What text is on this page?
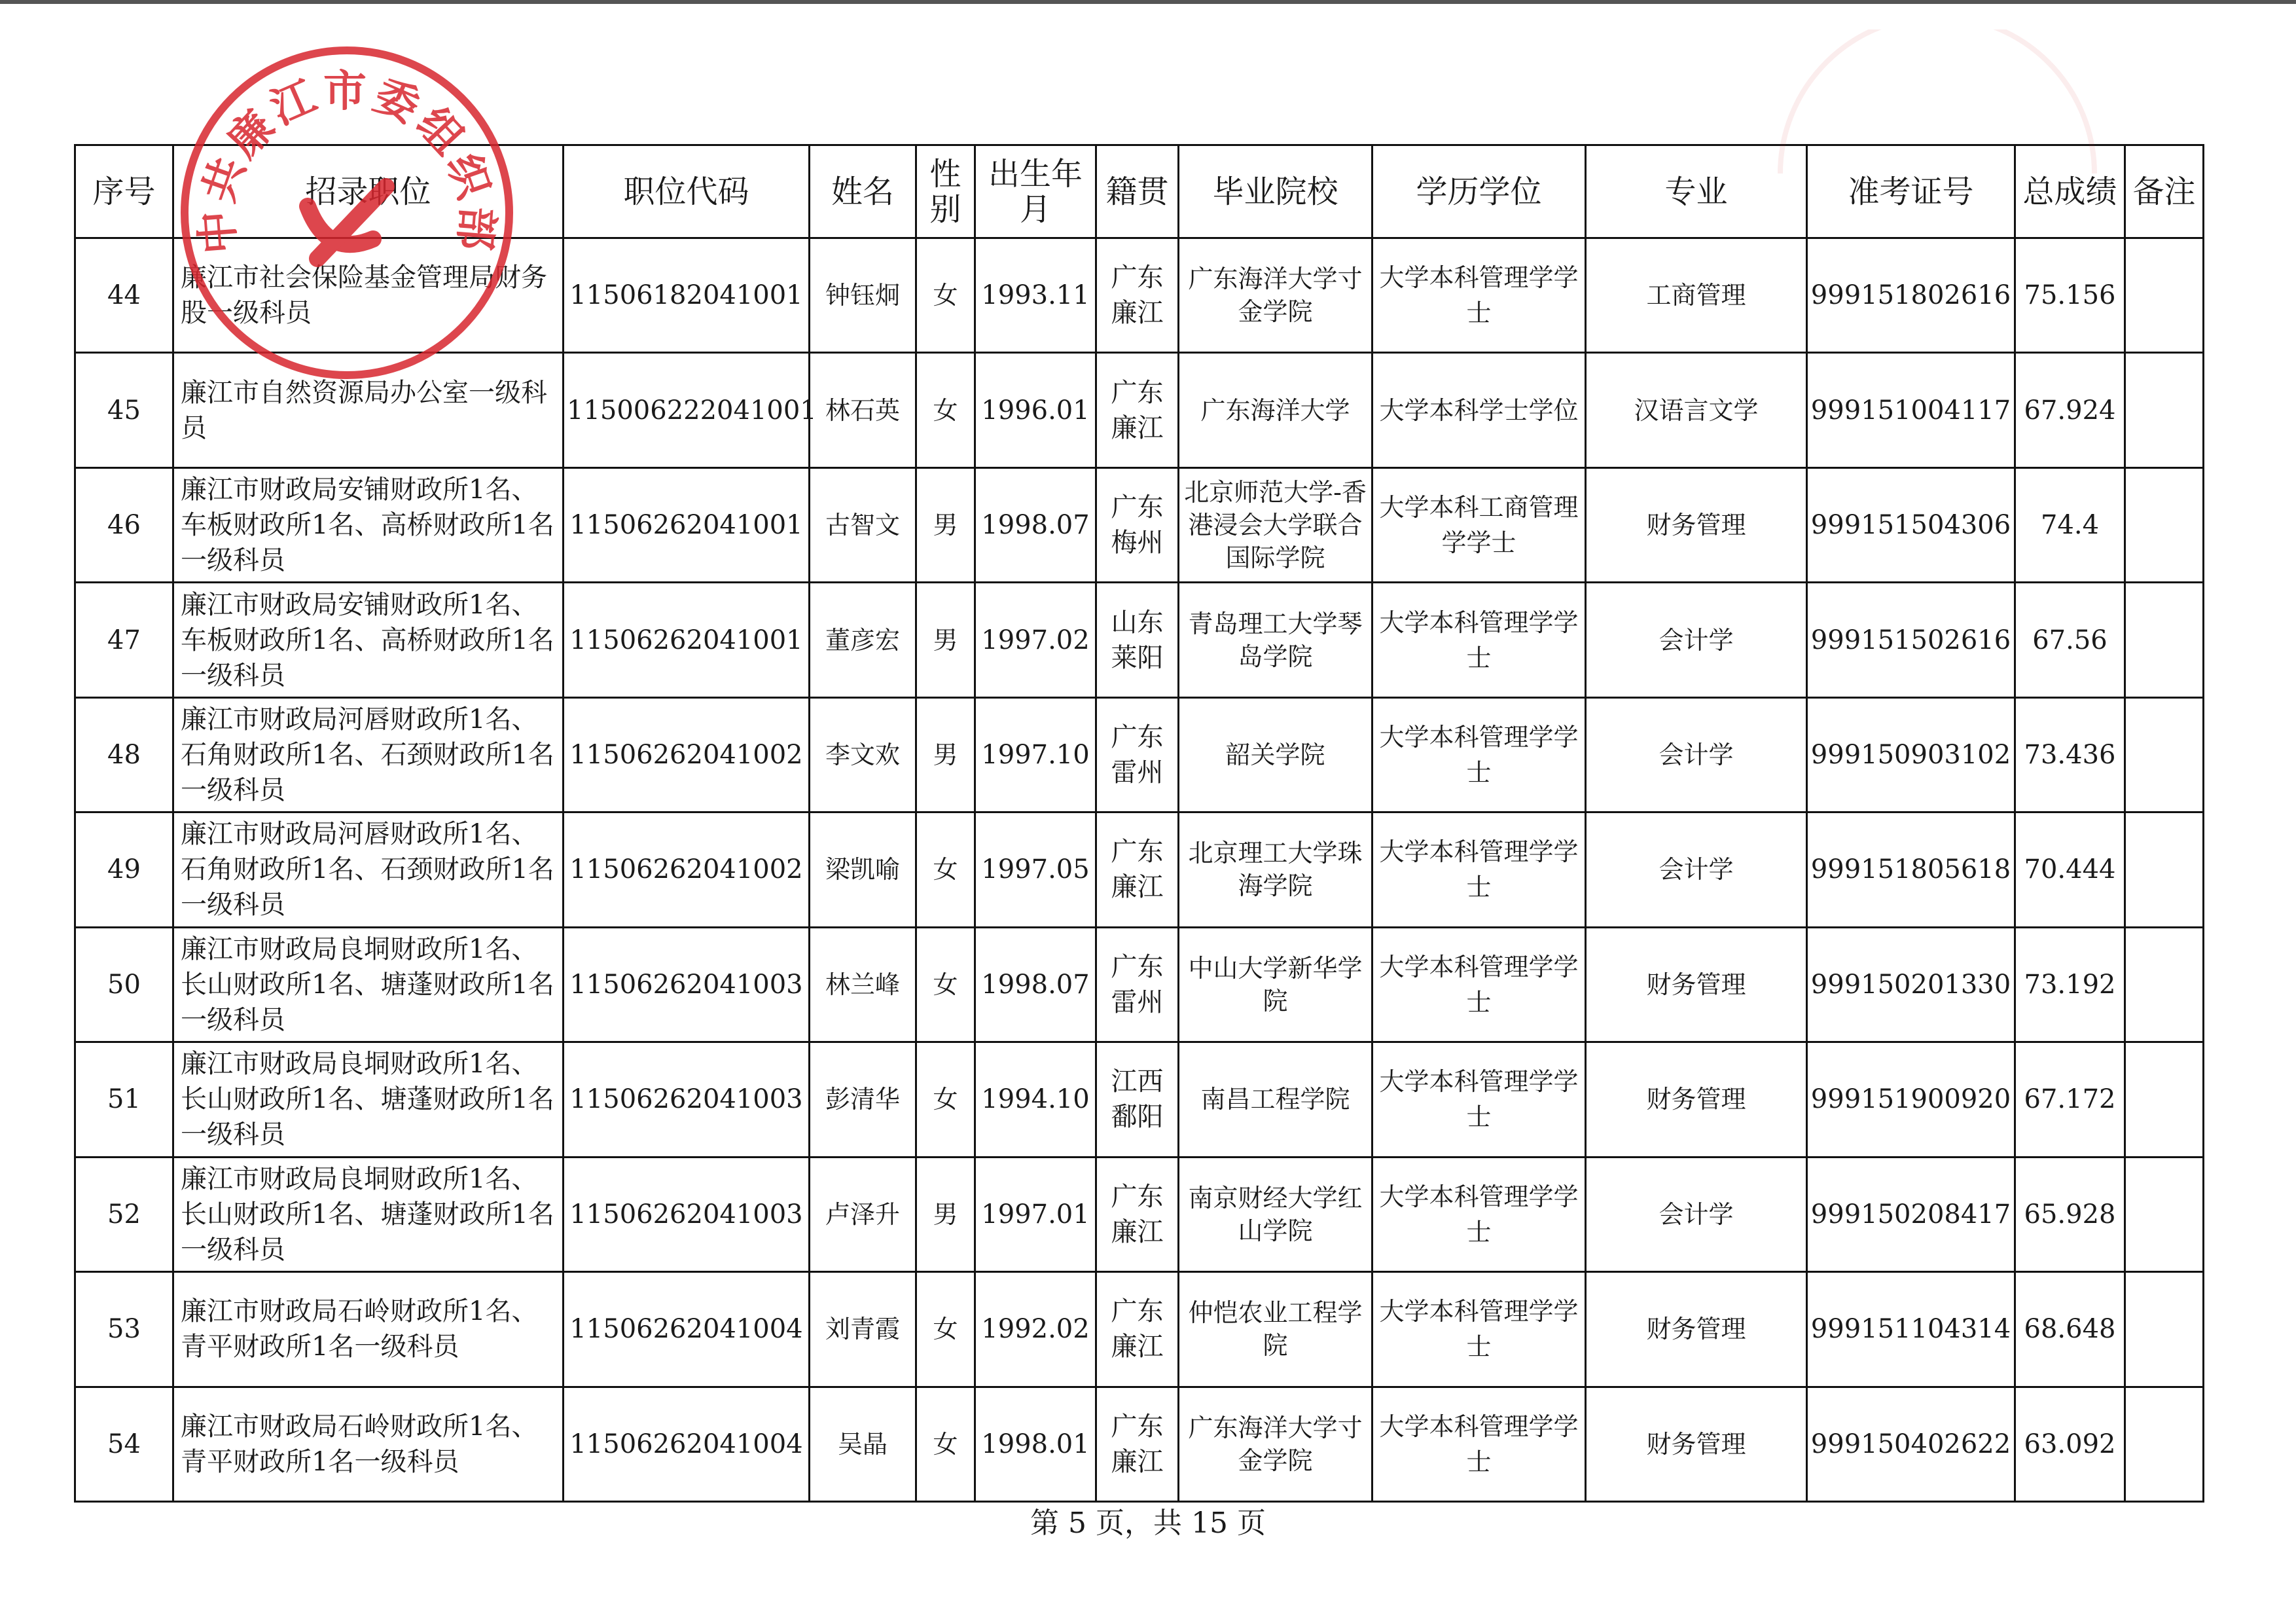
序号	招录职位	职位代码	姓名	性别	出生年月	籍贯	毕业院校	学历学位	专业	准考证号	总成绩	备注
44	廉江市社会保险基金管理局财务股一级科员	11506182041001	钟钰炯	女	1993.11	广东廉江	广东海洋大学寸金学院	大学本科管理学学士	工商管理	999151802616	75.156	
45	廉江市自然资源局办公室一级科员	115006222041001	林石英	女	1996.01	广东廉江	广东海洋大学	大学本科学士学位	汉语言文学	999151004117	67.924	
46	廉江市财政局安铺财政所1名、车板财政所1名、高桥财政所1名一级科员	11506262041001	古智文	男	1998.07	广东梅州	北京师范大学-香港浸会大学联合国际学院	大学本科工商管理学学士	财务管理	999151504306	74.4	
47	廉江市财政局安铺财政所1名、车板财政所1名、高桥财政所1名一级科员	11506262041001	董彦宏	男	1997.02	山东莱阳	青岛理工大学琴岛学院	大学本科管理学学士	会计学	999151502616	67.56	
48	廉江市财政局河唇财政所1名、石角财政所1名、石颈财政所1名一级科员	11506262041002	李文欢	男	1997.10	广东雷州	韶关学院	大学本科管理学学士	会计学	999150903102	73.436	
49	廉江市财政局河唇财政所1名、石角财政所1名、石颈财政所1名一级科员	11506262041002	梁凯喻	女	1997.05	广东廉江	北京理工大学珠海学院	大学本科管理学学士	会计学	999151805618	70.444	
50	廉江市财政局良垌财政所1名、长山财政所1名、塘蓬财政所1名一级科员	11506262041003	林兰峰	女	1998.07	广东雷州	中山大学新华学院	大学本科管理学学士	财务管理	999150201330	73.192	
51	廉江市财政局良垌财政所1名、长山财政所1名、塘蓬财政所1名一级科员	11506262041003	彭清华	女	1994.10	江西鄱阳	南昌工程学院	大学本科管理学学士	财务管理	999151900920	67.172	
52	廉江市财政局良垌财政所1名、长山财政所1名、塘蓬财政所1名一级科员	11506262041003	卢泽升	男	1997.01	广东廉江	南京财经大学红山学院	大学本科管理学学士	会计学	999150208417	65.928	
53	廉江市财政局石岭财政所1名、青平财政所1名一级科员	11506262041004	刘青霞	女	1992.02	广东廉江	仲恺农业工程学院	大学本科管理学学士	财务管理	999151104314	68.648	
54	廉江市财政局石岭财政所1名、青平财政所1名一级科员	11506262041004	吴晶	女	1998.01	广东廉江	广东海洋大学寸金学院	大学本科管理学学士	财务管理	999150402622	63.092	
第 5 页，共 15 页
中共廉江市委组织部
